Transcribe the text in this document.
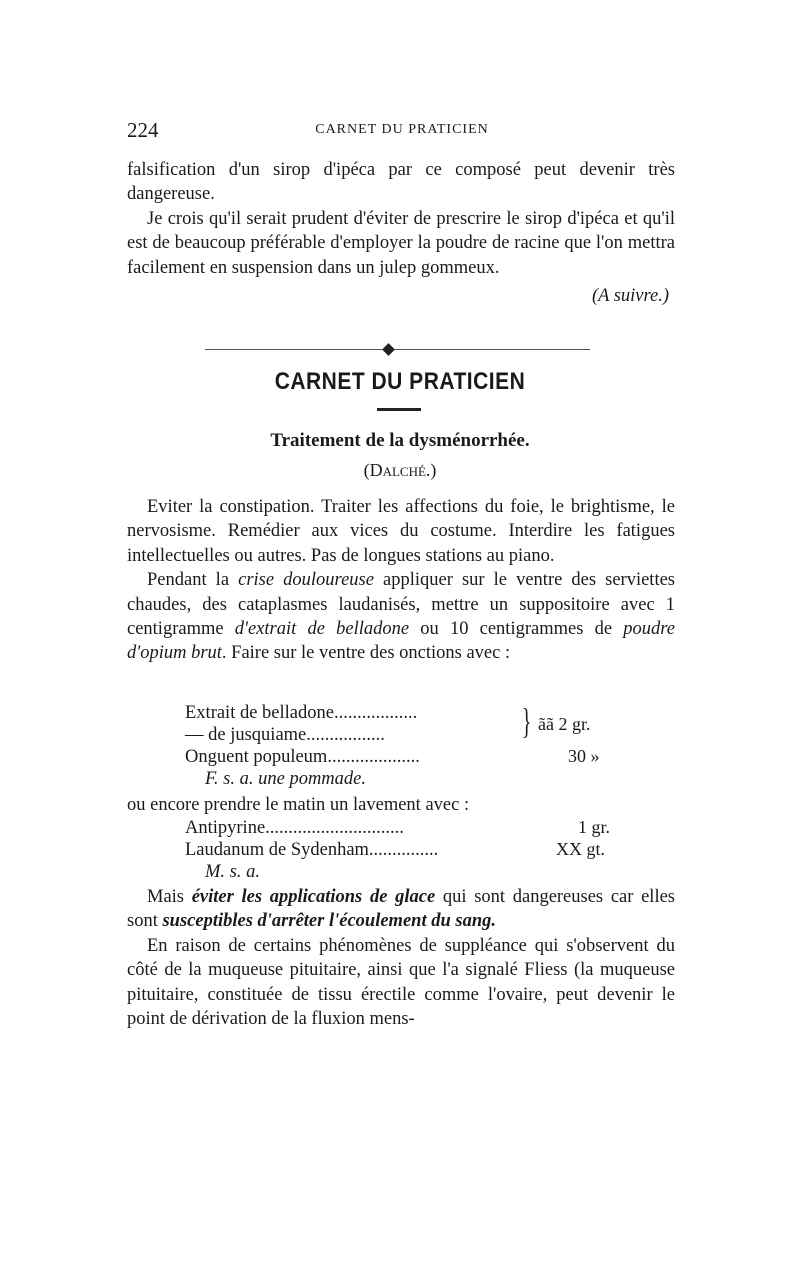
224	CARNET DU PRATICIEN

falsification d'un sirop d'ipéca par ce composé peut devenir très dangereuse.

Je crois qu'il serait prudent d'éviter de prescrire le sirop d'ipéca et qu'il est de beaucoup préférable d'employer la poudre de racine que l'on mettra facilement en suspension dans un julep gommeux.

(A suivre.)

CARNET DU PRATICIEN
Traitement de la dysménorrhée.
(Dalché.)

Eviter la constipation. Traiter les affections du foie, le brightisme, le nervosisme. Remédier aux vices du costume. Interdire les fatigues intellectuelles ou autres. Pas de longues stations au piano.

Pendant la crise douloureuse appliquer sur le ventre des serviettes chaudes, des cataplasmes laudanisés, mettre un suppositoire avec 1 centigramme d'extrait de belladone ou 10 centigrammes de poudre d'opium brut. Faire sur le ventre des onctions avec :

Extrait de belladone..................
— de jusquiame.................
Onguent populeum....................
F. s. a. une pommade.
} ãã 2 gr.
30 »

ou encore prendre le matin un lavement avec :

Antipyrine..............................
Laudanum de Sydenham...............
M. s. a.
1 gr.
XX gt.

Mais éviter les applications de glace qui sont dangereuses car elles sont susceptibles d'arrêter l'écoulement du sang.

En raison de certains phénomènes de suppléance qui s'observent du côté de la muqueuse pituitaire, ainsi que l'a signalé Fliess (la muqueuse pituitaire, constituée de tissu érectile comme l'ovaire, peut devenir le point de dérivation de la fluxion mens-
